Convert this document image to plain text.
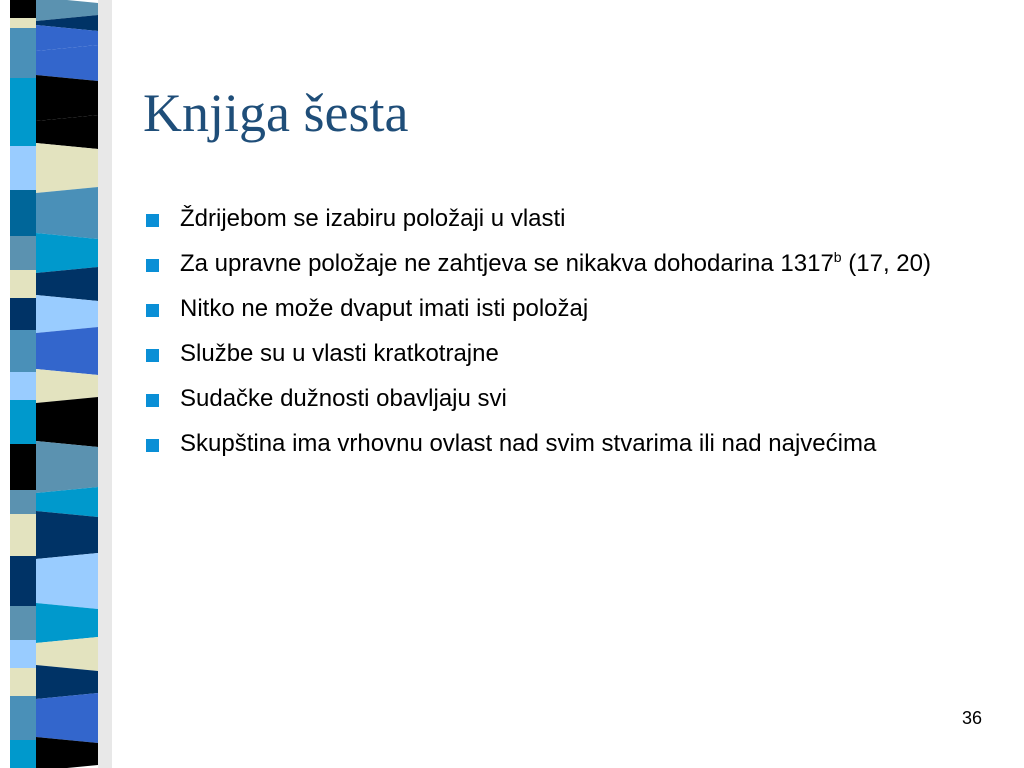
Knjiga šesta
Ždrijebom se izabiru položaji u vlasti
Za upravne položaje ne zahtjeva se nikakva dohodarina 1317$^b$ (17, 20)
Nitko ne može dvaput imati isti položaj
Službe su u vlasti kratkotrajne
Sudačke dužnosti obavljaju svi
Skupština ima vrhovnu ovlast nad svim stvarima ili nad najvećima
36
